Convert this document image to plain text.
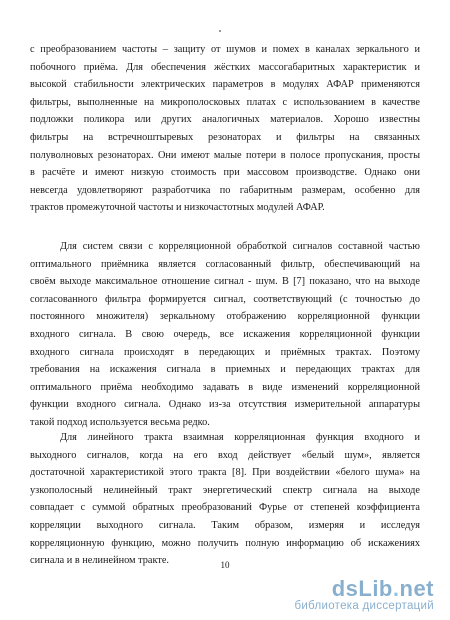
с преобразованием частоты – защиту от шумов и помех в каналах зеркального и
побочного приёма. Для обеспечения жёстких массогабаритных характеристик и
высокой стабильности электрических параметров в модулях АФАР применяются
фильтры, выполненные на микрополосковых платах с использованием в качестве
подложки поликора или других аналогичных материалов. Хорошо известны
фильтры на встречноштыревых резонаторах и фильтры на связанных
полуволновых резонаторах. Они имеют малые потери в полосе пропускания, просты
в расчёте и имеют низкую стоимость при массовом производстве. Однако они
невсегда удовлетворяют разработчика по габаритным размерам, особенно для
трактов промежуточной частоты и низкочастотных модулей АФАР.
Для систем связи с корреляционной обработкой сигналов составной частью
оптимального приёмника является согласованный фильтр, обеспечивающий на
своём выходе максимальное отношение сигнал - шум. В [7] показано, что на выходе
согласованного фильтра формируется сигнал, соответствующий (с точностью до
постоянного множителя) зеркальному отображению корреляционной функции
входного сигнала. В свою очередь, все искажения корреляционной функции
входного сигнала происходят в передающих и приёмных трактах. Поэтому
требования на искажения сигнала в приемных и передающих трактах для
оптимального приёма необходимо задавать в виде изменений корреляционной
функции входного сигнала. Однако из-за отсутствия измерительной аппаратуры
такой подход используется весьма редко.
Для линейного тракта взаимная корреляционная функция входного и
выходного сигналов, когда на его вход действует «белый шум», является
достаточной характеристикой этого тракта [8]. При воздействии «белого шума» на
узкополосный нелинейный тракт энергетический спектр сигнала на выходе
совпадает с суммой обратных преобразований Фурье от степеней коэффициента
корреляции выходного сигнала. Таким образом, измеряя и исследуя
корреляционную функцию, можно получить полную информацию об искажениях
сигнала и в нелинейном тракте.	10
dsLib.net
библиотека диссертаций
